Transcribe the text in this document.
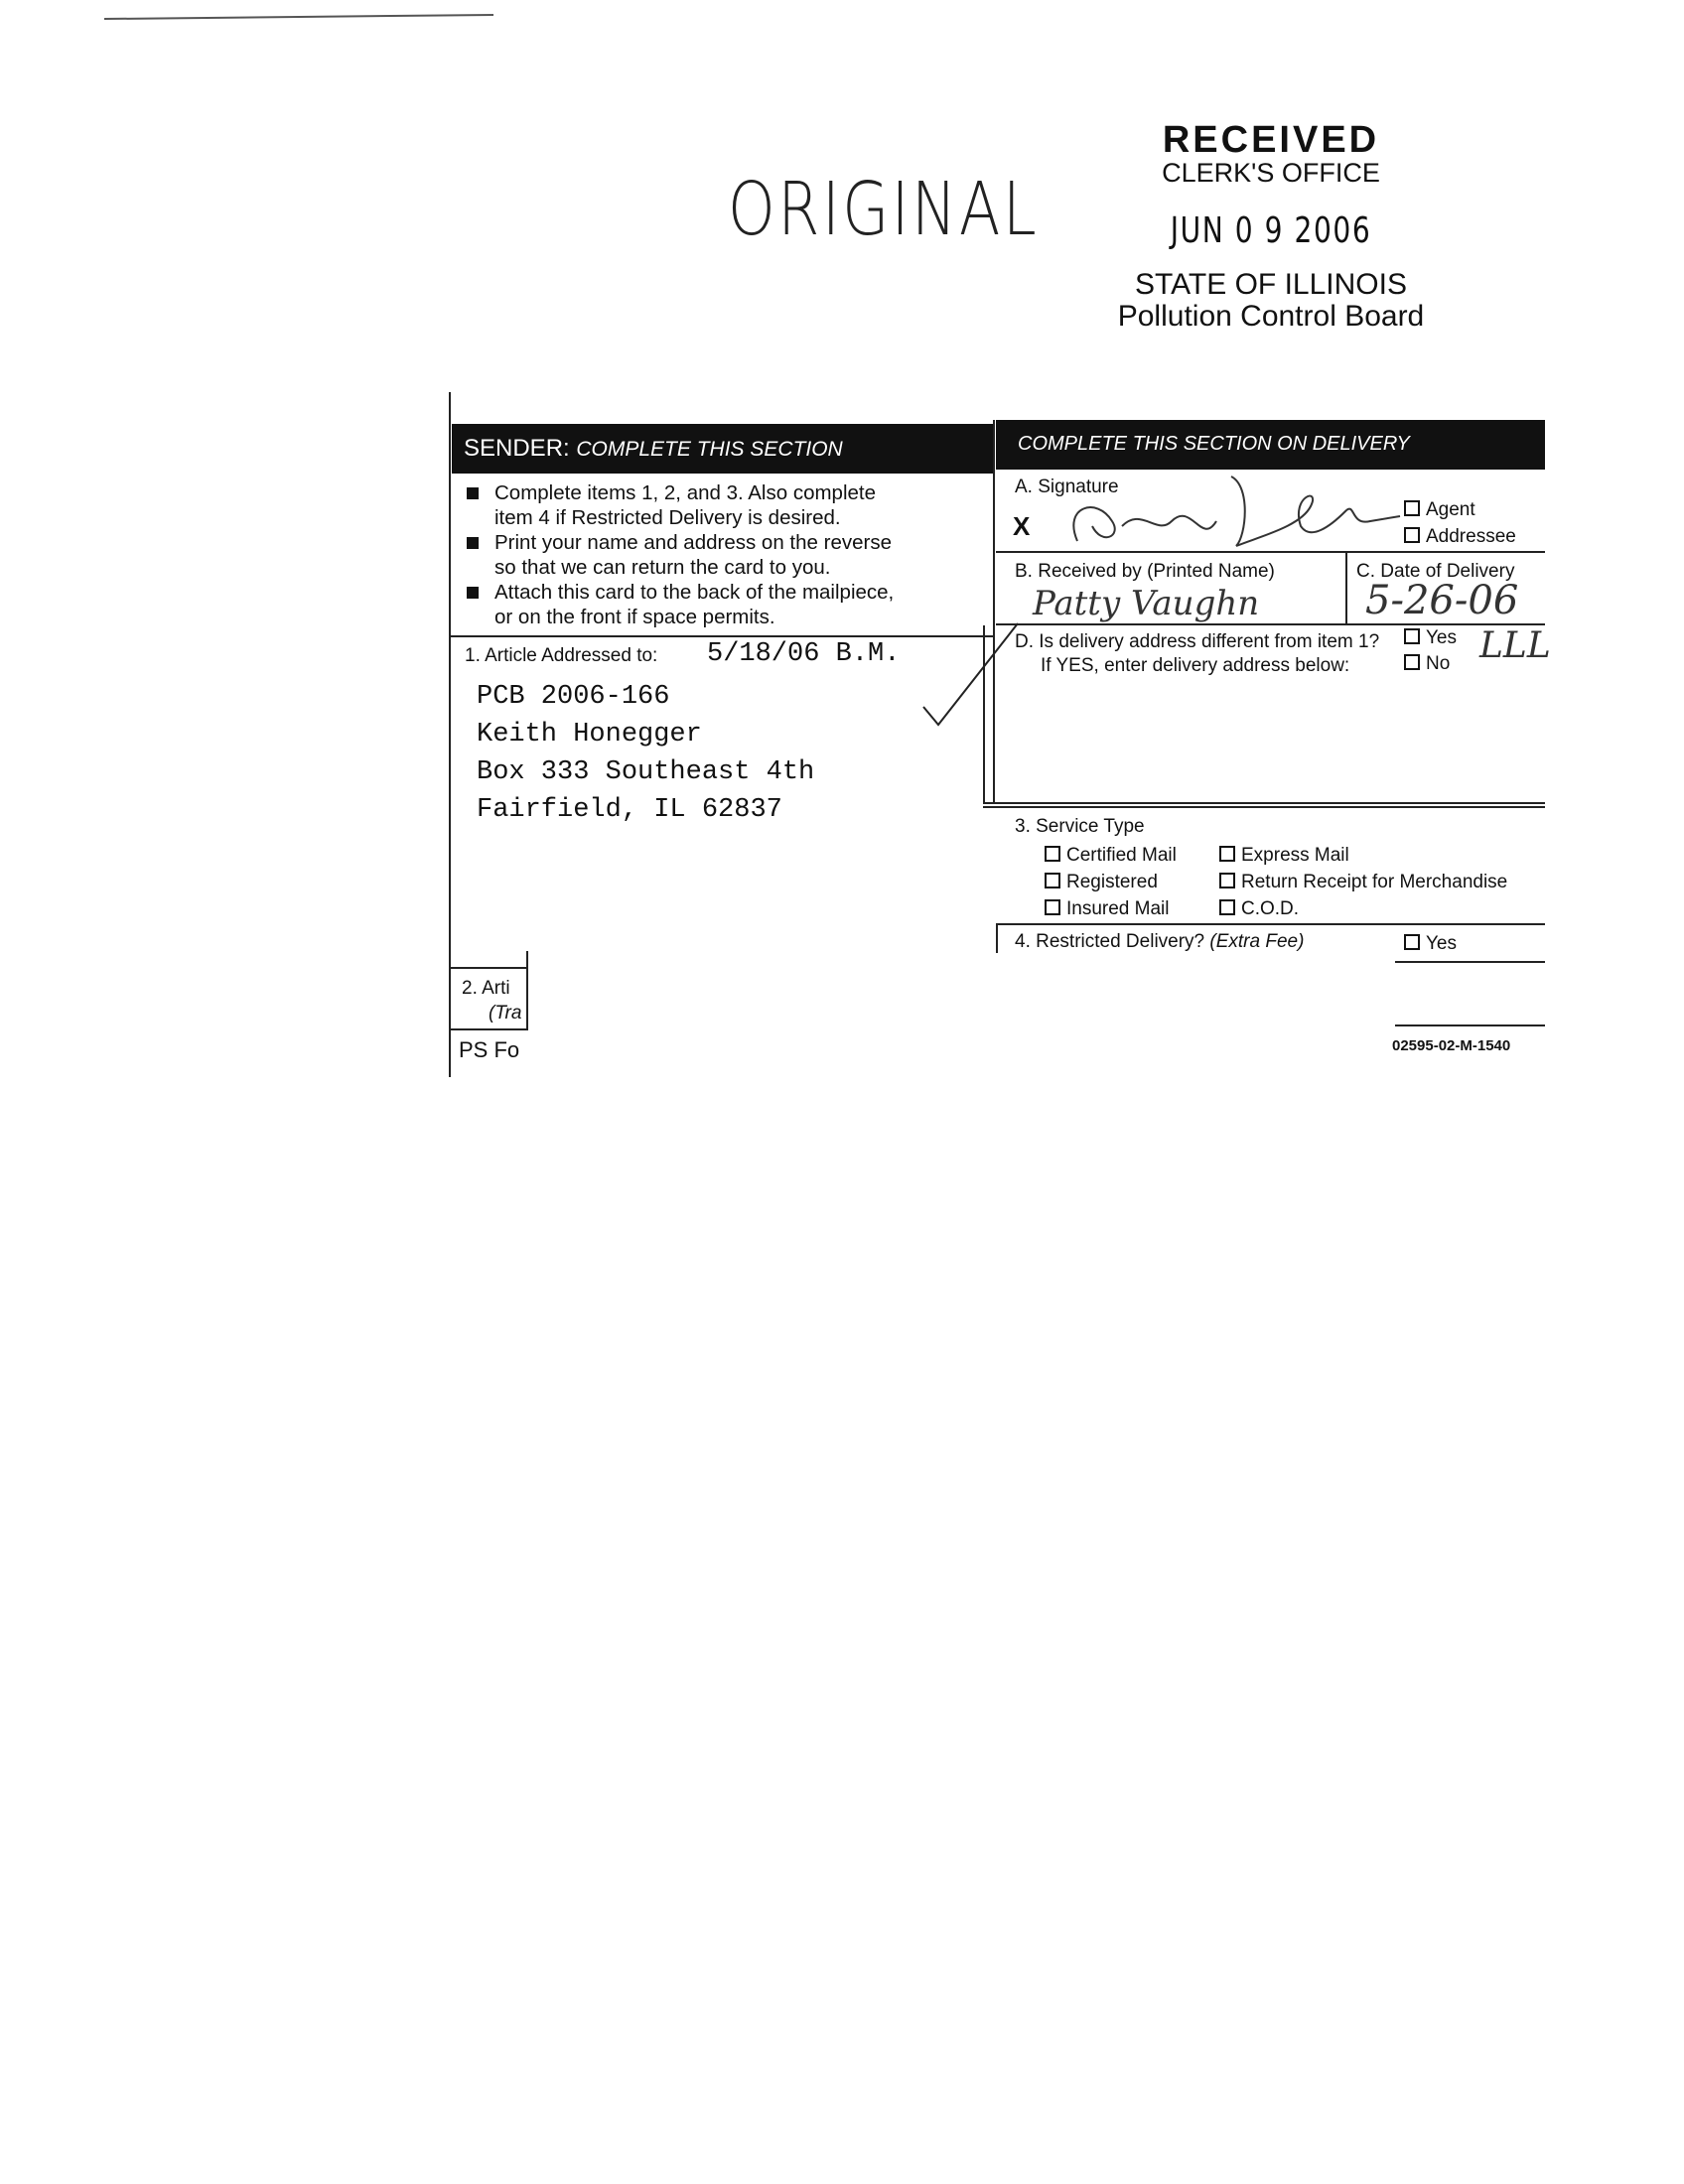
ORIGINAL
RECEIVED
CLERK'S OFFICE
JUN 0 9 2006
STATE OF ILLINOIS
Pollution Control Board
SENDER: COMPLETE THIS SECTION
Complete items 1, 2, and 3. Also complete
item 4 if Restricted Delivery is desired.
Print your name and address on the reverse
so that we can return the card to you.
Attach this card to the back of the mailpiece,
or on the front if space permits.
1. Article Addressed to: 5/18/06 B.M.
PCB 2006-166
Keith Honegger
Box 333 Southeast 4th
Fairfield, IL 62837
2. Arti
(Tra
PS Fo
COMPLETE THIS SECTION ON DELIVERY
A. Signature
X
Agent
Addressee
B. Received by (Printed Name)	C. Date of Delivery
Patty Vaughn	5-26-06
D. Is delivery address different from item 1?
If YES, enter delivery address below:
Yes
No LLL
3. Service Type
Certified Mail
Registered
Insured Mail
Express Mail
Return Receipt for Merchandise
C.O.D.
4. Restricted Delivery? (Extra Fee)	Yes
02595-02-M-1540
